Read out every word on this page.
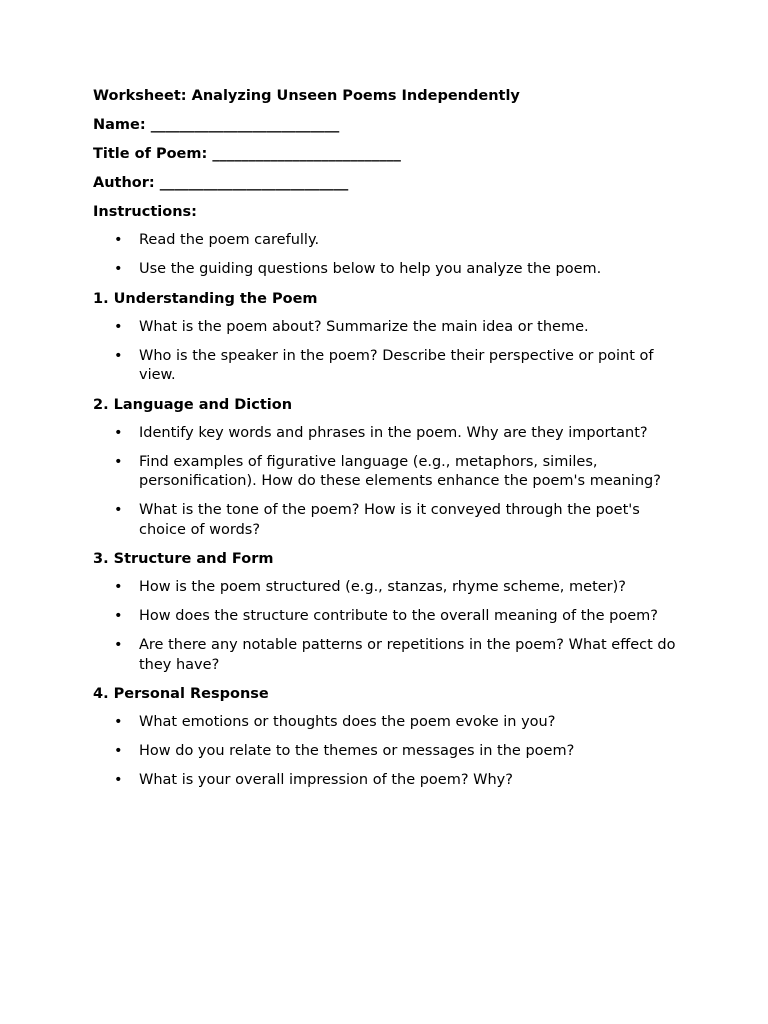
Worksheet: Analyzing Unseen Poems Independently

Name: __________________________

Title of Poem: __________________________

Author: __________________________

Instructions:

• Read the poem carefully.
• Use the guiding questions below to help you analyze the poem.

1. Understanding the Poem

• What is the poem about? Summarize the main idea or theme.
• Who is the speaker in the poem? Describe their perspective or point of view.

2. Language and Diction

• Identify key words and phrases in the poem. Why are they important?
• Find examples of figurative language (e.g., metaphors, similes, personification). How do these elements enhance the poem's meaning?
• What is the tone of the poem? How is it conveyed through the poet's choice of words?

3. Structure and Form

• How is the poem structured (e.g., stanzas, rhyme scheme, meter)?
• How does the structure contribute to the overall meaning of the poem?
• Are there any notable patterns or repetitions in the poem? What effect do they have?

4. Personal Response

• What emotions or thoughts does the poem evoke in you?
• How do you relate to the themes or messages in the poem?
• What is your overall impression of the poem? Why?
